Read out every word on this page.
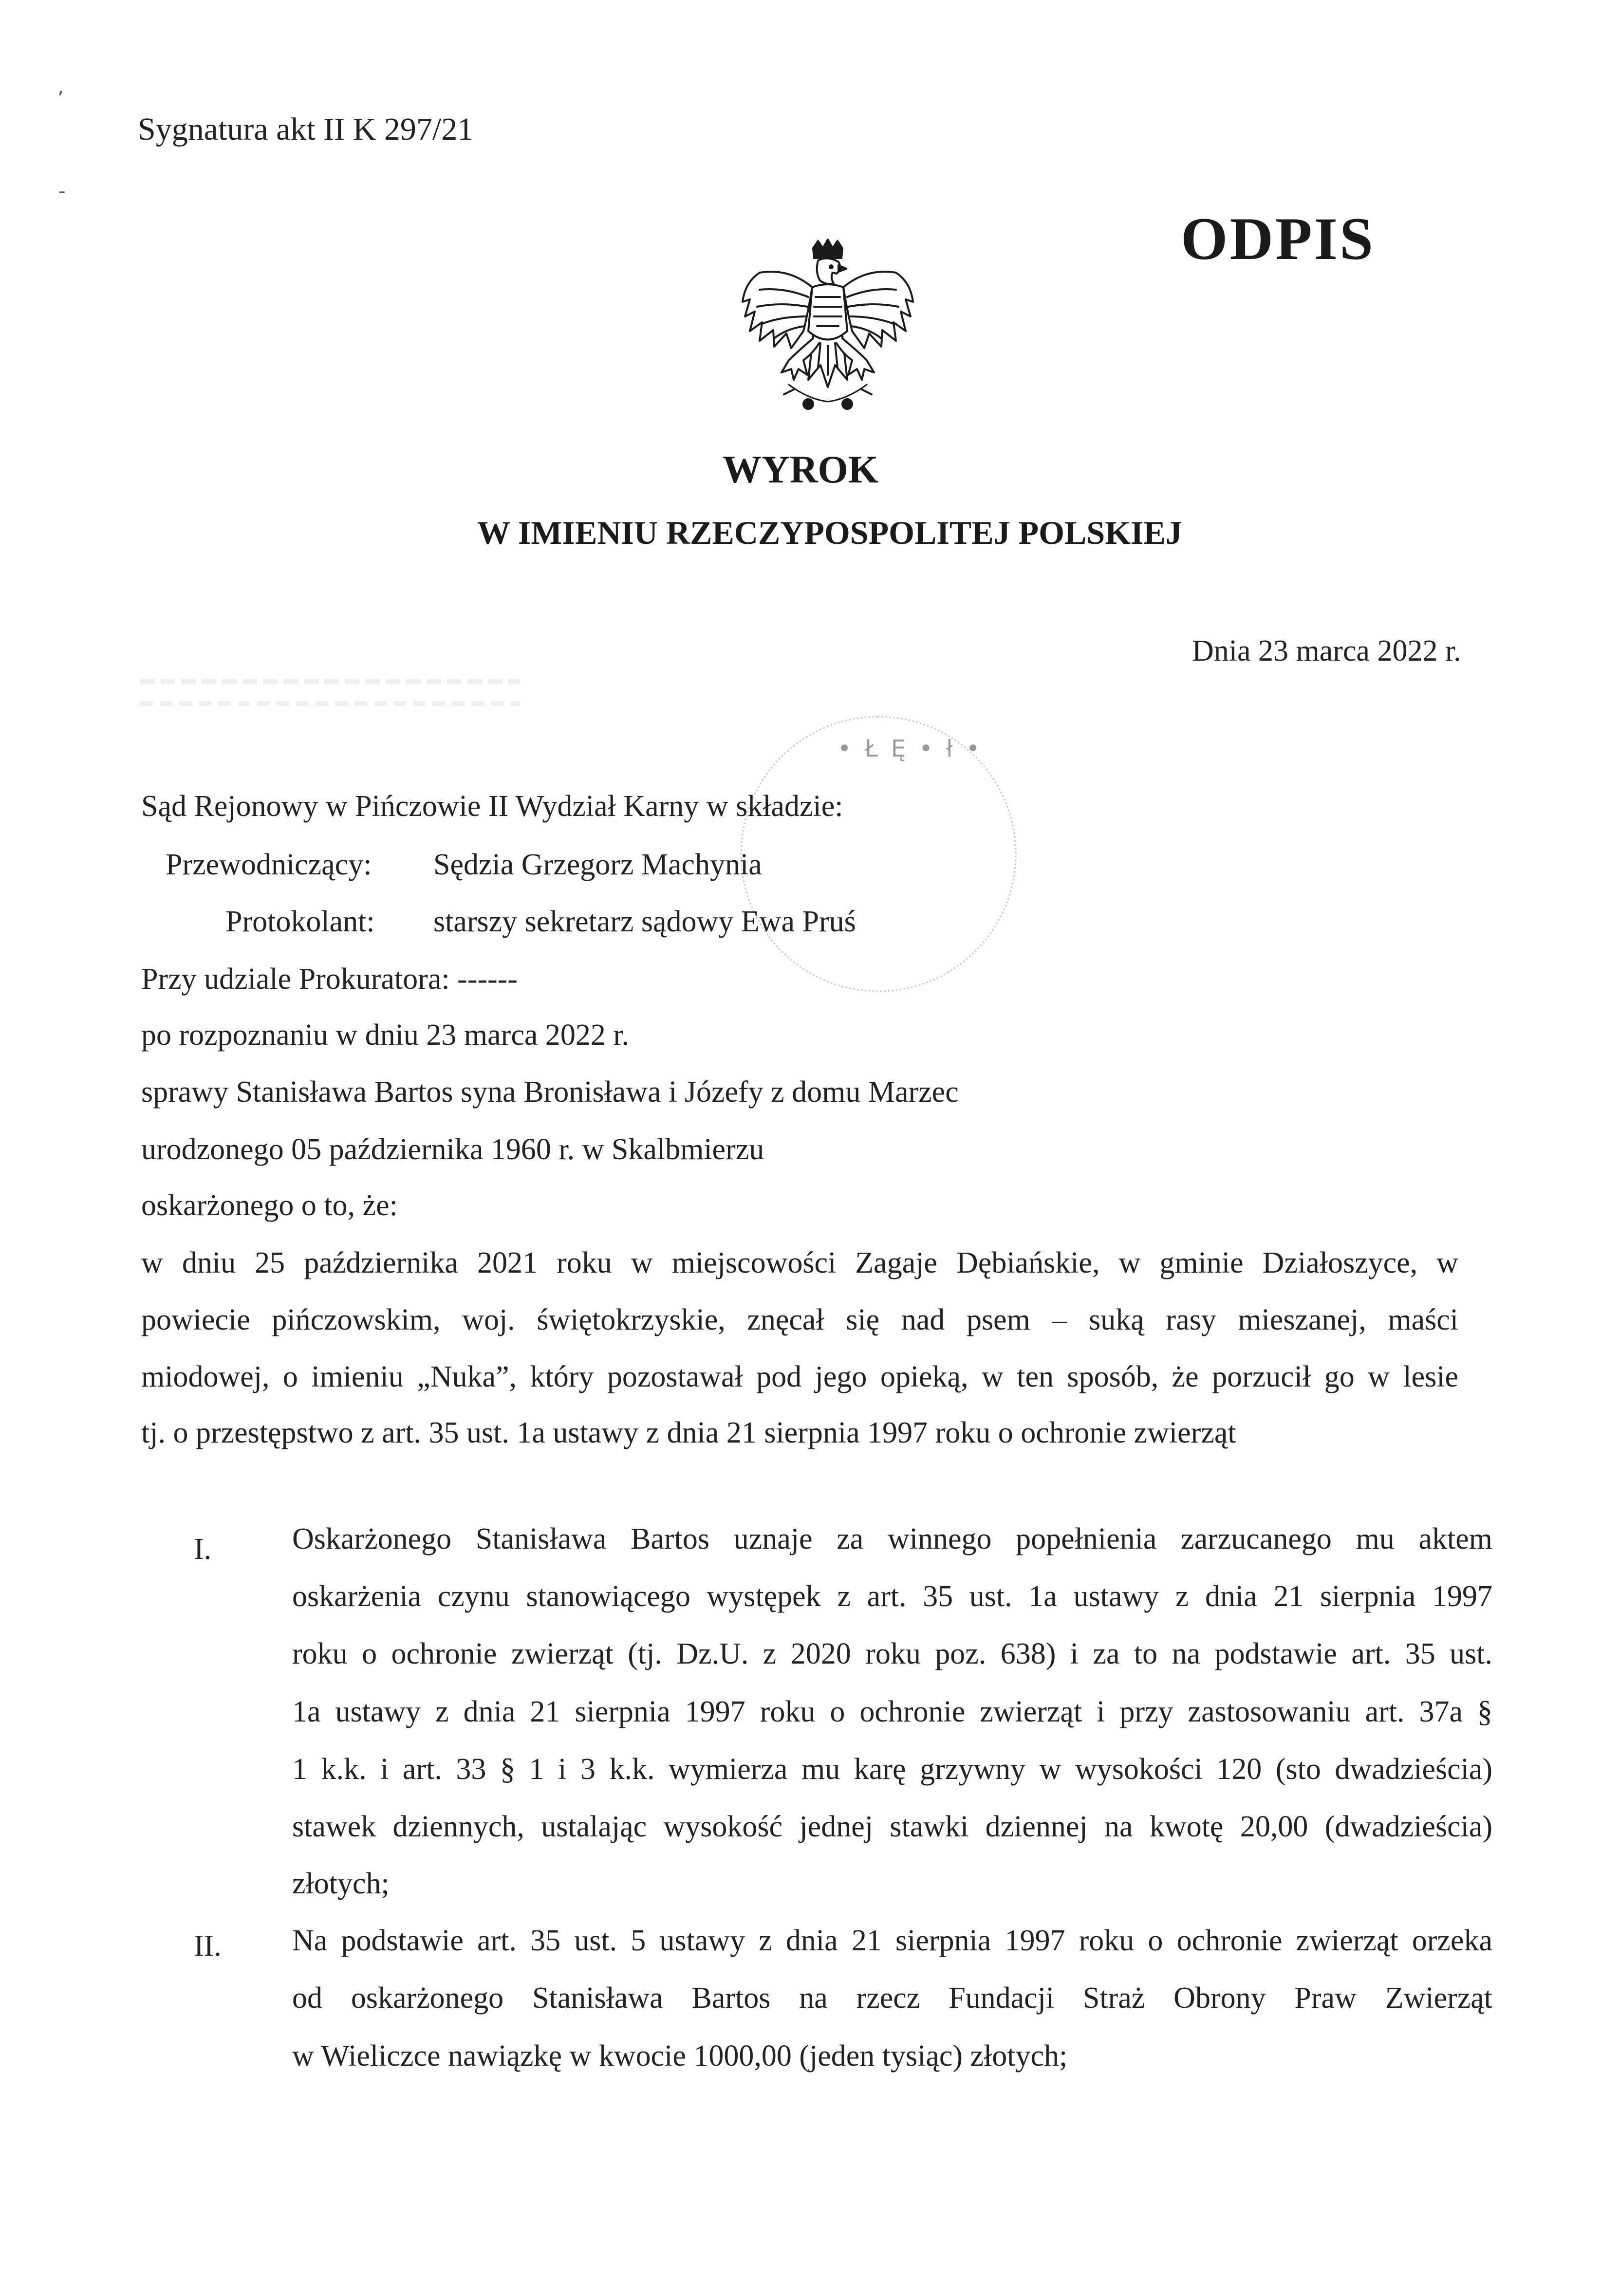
’
-
Sygnatura akt II K 297/21
ODPIS
WYROK
W IMIENIU RZECZYPOSPOLITEJ POLSKIEJ
Dnia 23 marca 2022 r.
• Ł Ę • ł •
Sąd Rejonowy w Pińczowie II Wydział Karny w składzie:
Przewodniczący: Sędzia Grzegorz Machynia
Protokolant: starszy sekretarz sądowy Ewa Pruś
Przy udziale Prokuratora: ------
po rozpoznaniu w dniu 23 marca 2022 r.
sprawy Stanisława Bartos syna Bronisława i Józefy z domu Marzec
urodzonego 05 października 1960 r. w Skalbmierzu
oskarżonego o to, że:
w dniu 25 października 2021 roku w miejscowości Zagaje Dębiańskie, w gminie Działoszyce, w
powiecie pińczowskim, woj. świętokrzyskie, znęcał się nad psem – suką rasy mieszanej, maści
miodowej, o imieniu „Nuka”, który pozostawał pod jego opieką, w ten sposób, że porzucił go w lesie
tj. o przestępstwo z art. 35 ust. 1a ustawy z dnia 21 sierpnia 1997 roku o ochronie zwierząt
I.	Oskarżonego Stanisława Bartos uznaje za winnego popełnienia zarzucanego mu aktem
oskarżenia czynu stanowiącego występek z art. 35 ust. 1a ustawy z dnia 21 sierpnia 1997
roku o ochronie zwierząt (tj. Dz.U. z 2020 roku poz. 638) i za to na podstawie art. 35 ust.
1a ustawy z dnia 21 sierpnia 1997 roku o ochronie zwierząt i przy zastosowaniu art. 37a §
1 k.k. i art. 33 § 1 i 3 k.k. wymierza mu karę grzywny w wysokości 120 (sto dwadzieścia)
stawek dziennych, ustalając wysokość jednej stawki dziennej na kwotę 20,00 (dwadzieścia)
złotych;
II. Na podstawie art. 35 ust. 5 ustawy z dnia 21 sierpnia 1997 roku o ochronie zwierząt orzeka
od oskarżonego Stanisława Bartos na rzecz Fundacji Straż Obrony Praw Zwierząt
w Wieliczce nawiązkę w kwocie 1000,00 (jeden tysiąc) złotych;
